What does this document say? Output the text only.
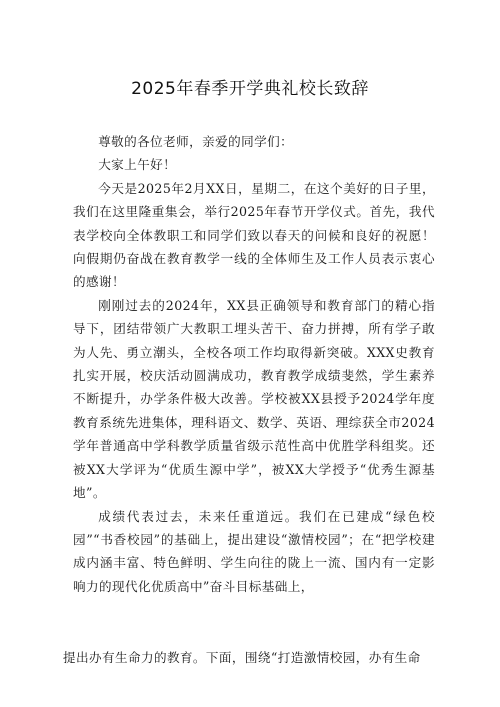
2025年春季开学典礼校长致辞

尊敬的各位老师，亲爱的同学们：

大家上午好！

今天是2025年2月XX日，星期二，在这个美好的日子里，我们在这里隆重集会，举行2025年春节开学仪式。首先，我代表学校向全体教职工和同学们致以春天的问候和良好的祝愿！向假期仍奋战在教育教学一线的全体师生及工作人员表示衷心的感谢！

刚刚过去的2024年，XX县正确领导和教育部门的精心指导下，团结带领广大教职工埋头苦干、奋力拼搏，所有学子敢为人先、勇立潮头，全校各项工作均取得新突破。XXX史教育扎实开展，校庆活动圆满成功，教育教学成绩斐然，学生素养不断提升，办学条件极大改善。学校被XX县授予2024学年度教育系统先进集体，理科语文、数学、英语、理综获全市2024学年普通高中学科教学质量省级示范性高中优胜学科组奖。还被XX大学评为“优质生源中学”，被XX大学授予“优秀生源基地”。

成绩代表过去，未来任重道远。我们在已建成“绿色校园”“书香校园”的基础上，提出建设“激情校园”；在“把学校建成内涵丰富、特色鲜明、学生向往的陇上一流、国内有一定影响力的现代化优质高中”奋斗目标基础上，

提出办有生命力的教育。下面，围绕“打造激情校园，办有生命
